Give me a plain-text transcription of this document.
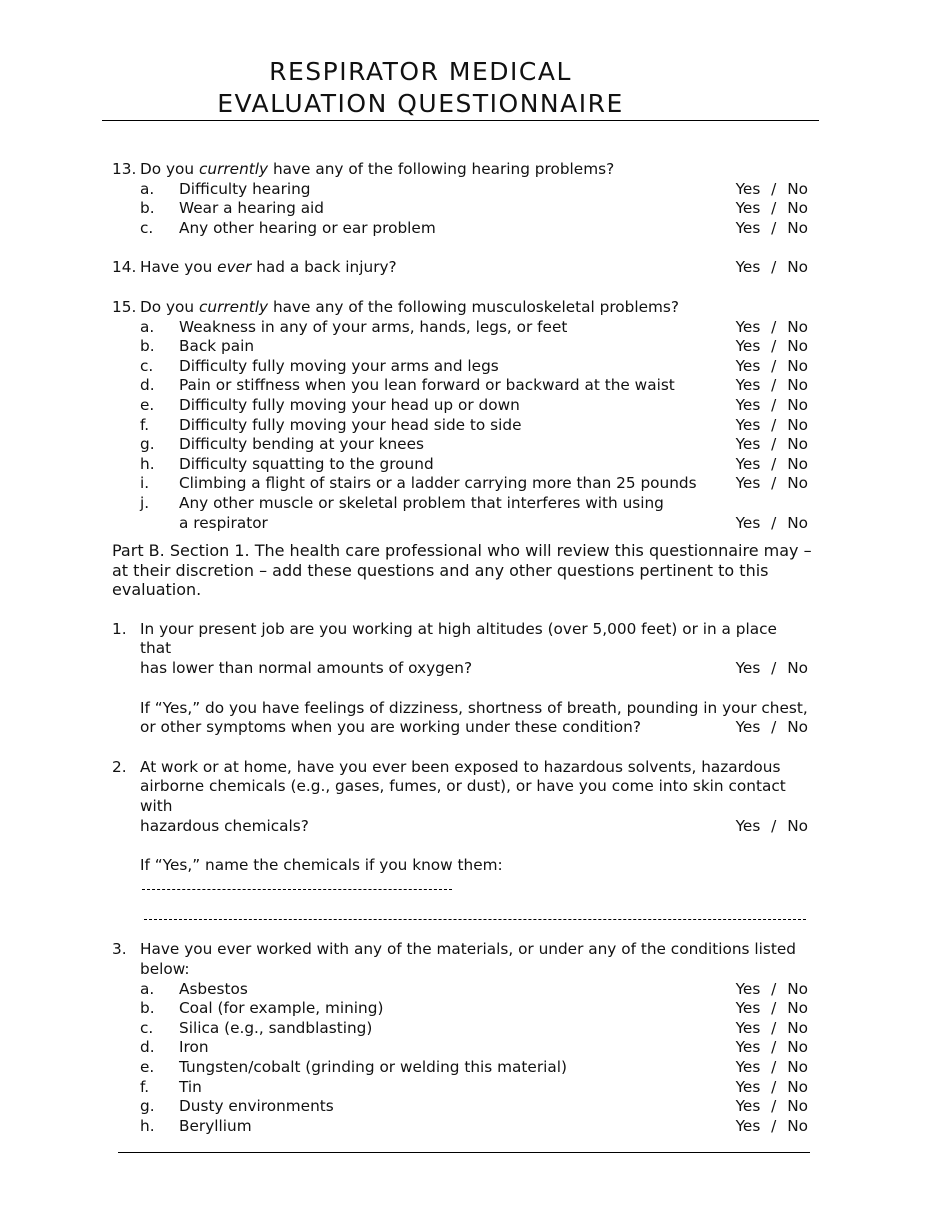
RESPIRATOR MEDICAL
EVALUATION QUESTIONNAIRE
13. Do you currently have any of the following hearing problems?
a. Difficulty hearing	Yes / No
b. Wear a hearing aid	Yes / No
c. Any other hearing or ear problem	Yes / No
14. Have you ever had a back injury?	Yes / No
15. Do you currently have any of the following musculoskeletal problems?
a. Weakness in any of your arms, hands, legs, or feet	Yes / No
b. Back pain	Yes / No
c. Difficulty fully moving your arms and legs	Yes / No
d. Pain or stiffness when you lean forward or backward at the waist	Yes / No
e. Difficulty fully moving your head up or down	Yes / No
f. Difficulty fully moving your head side to side	Yes / No
g. Difficulty bending at your knees	Yes / No
h. Difficulty squatting to the ground	Yes / No
i. Climbing a flight of stairs or a ladder carrying more than 25 pounds	Yes / No
j. Any other muscle or skeletal problem that interferes with using
a respirator	Yes / No
Part B. Section 1. The health care professional who will review this questionnaire may – at their discretion – add these questions and any other questions pertinent to this evaluation.
1. In your present job are you working at high altitudes (over 5,000 feet) or in a place that
has lower than normal amounts of oxygen?	Yes / No
If “Yes,” do you have feelings of dizziness, shortness of breath, pounding in your chest,
or other symptoms when you are working under these condition?	Yes / No
2. At work or at home, have you ever been exposed to hazardous solvents, hazardous
airborne chemicals (e.g., gases, fumes, or dust), or have you come into skin contact with
hazardous chemicals?	Yes / No
If “Yes,” name the chemicals if you know them:
3. Have you ever worked with any of the materials, or under any of the conditions listed
below:
a. Asbestos	Yes / No
b. Coal (for example, mining)	Yes / No
c. Silica (e.g., sandblasting)	Yes / No
d. Iron	Yes / No
e. Tungsten/cobalt (grinding or welding this material)	Yes / No
f. Tin	Yes / No
g. Dusty environments	Yes / No
h. Beryllium	Yes / No
